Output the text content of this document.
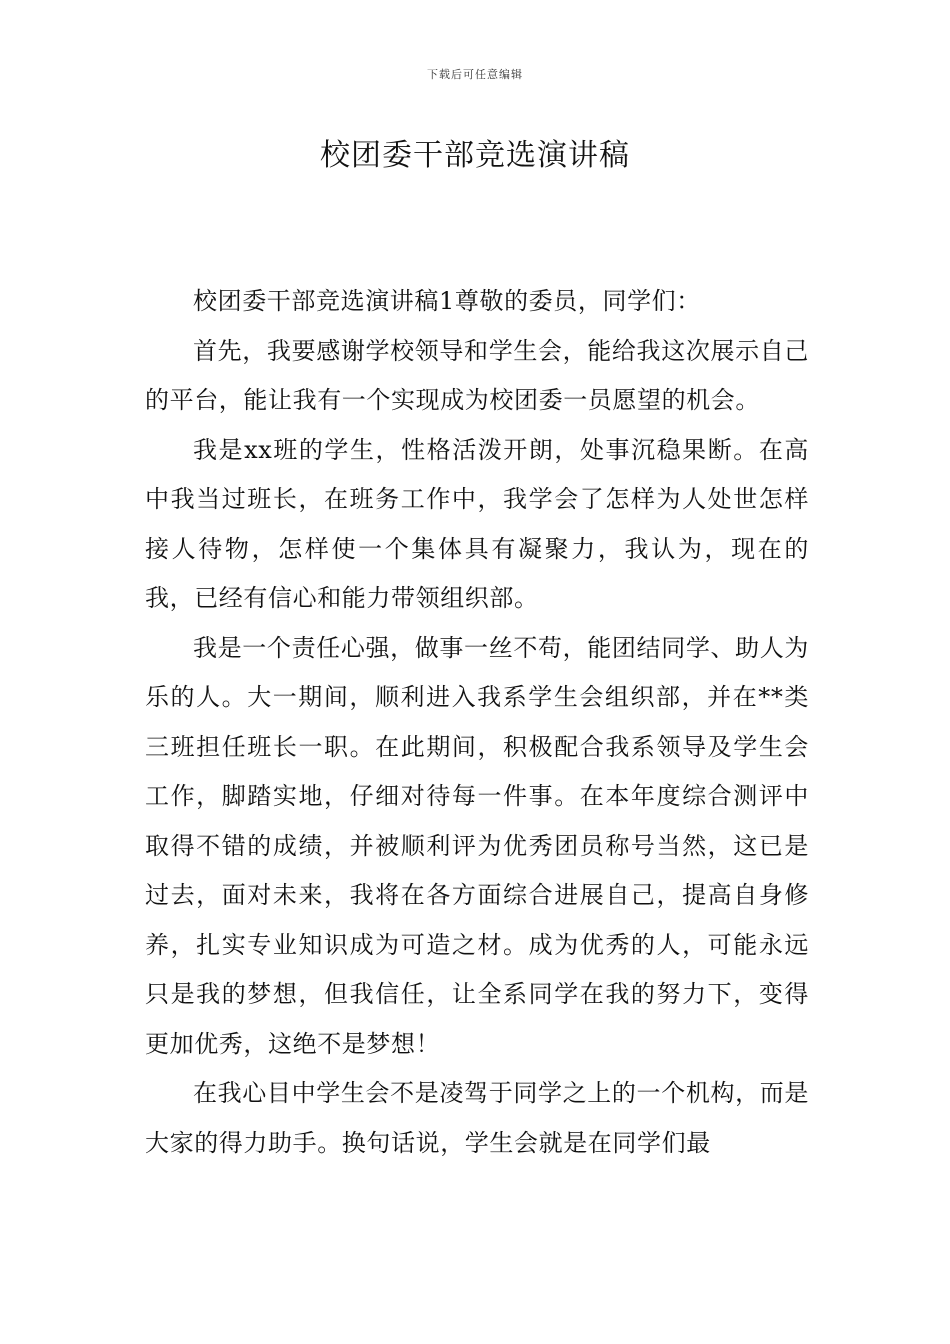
下载后可任意编辑
校团委干部竞选演讲稿

校团委干部竞选演讲稿1尊敬的委员，同学们：

首先，我要感谢学校领导和学生会，能给我这次展示自己的平台，能让我有一个实现成为校团委一员愿望的机会。

我是xx班的学生，性格活泼开朗，处事沉稳果断。在高中我当过班长，在班务工作中，我学会了怎样为人处世怎样接人待物，怎样使一个集体具有凝聚力，我认为，现在的我，已经有信心和能力带领组织部。

我是一个责任心强，做事一丝不苟，能团结同学、助人为乐的人。大一期间，顺利进入我系学生会组织部，并在**类三班担任班长一职。在此期间，积极配合我系领导及学生会工作，脚踏实地，仔细对待每一件事。在本年度综合测评中取得不错的成绩，并被顺利评为优秀团员称号当然，这已是过去，面对未来，我将在各方面综合进展自己，提高自身修养，扎实专业知识成为可造之材。成为优秀的人，可能永远只是我的梦想，但我信任，让全系同学在我的努力下，变得更加优秀，这绝不是梦想！

在我心目中学生会不是凌驾于同学之上的一个机构，而是大家的得力助手。换句话说，学生会就是在同学们最
